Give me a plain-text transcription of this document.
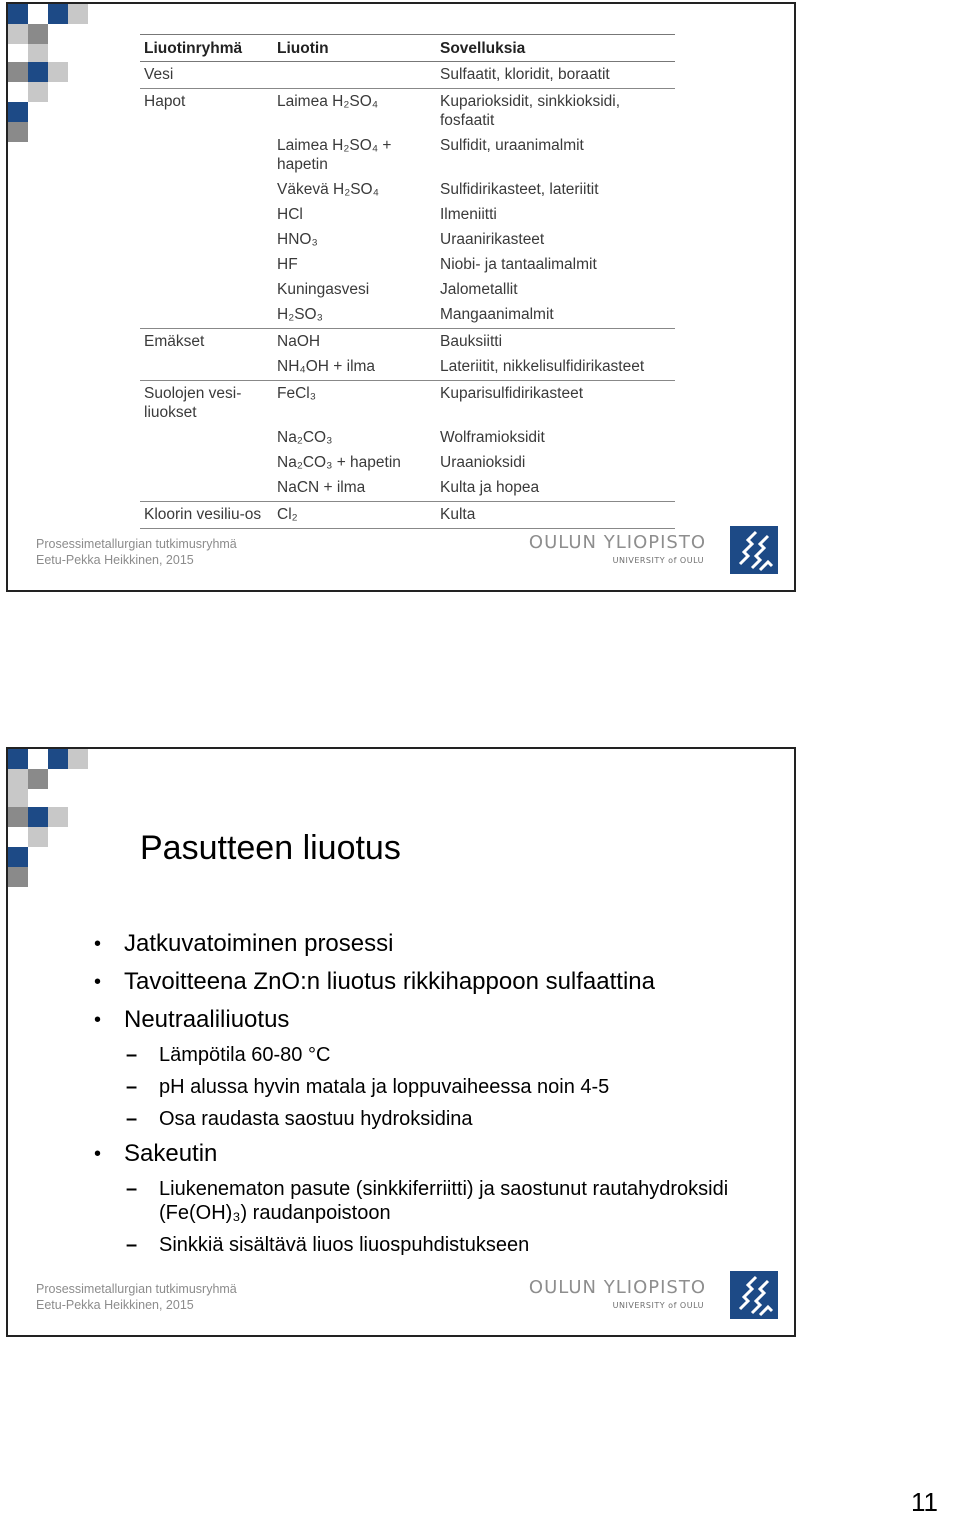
Liuotinryhmä	Liuotin	Sovelluksia
Vesi		Sulfaatit, kloridit, boraatit
Hapot	Laimea H₂SO₄	Kuparioksidit, sinkkioksidi, fosfaatit
	Laimea H₂SO₄ + hapetin	Sulfidit, uraanimalmit
	Väkevä H₂SO₄	Sulfidirikasteet, lateriitit
	HCl	Ilmeniitti
	HNO₃	Uraanirikasteet
	HF	Niobi- ja tantaalimalmit
	Kuningasvesi	Jalometallit
	H₂SO₃	Mangaanimalmit
Emäkset	NaOH	Bauksiitti
	NH₄OH + ilma	Lateriitit, nikkelisulfidirikasteet
Suolojen vesi-liuokset	FeCl₃	Kuparisulfidirikasteet
	Na₂CO₃	Wolframioksidit
	Na₂CO₃ + hapetin	Uraanioksidi
	NaCN + ilma	Kulta ja hopea
Kloorin vesiliu-os	Cl₂	Kulta
Prosessimetallurgian tutkimusryhmä
Eetu-Pekka Heikkinen, 2015
OULUN YLIOPISTO
UNIVERSITY of OULU
Pasutteen liuotus
• Jatkuvatoiminen prosessi
• Tavoitteena ZnO:n liuotus rikkihappoon sulfaattina
• Neutraaliliuotus
– Lämpötila 60-80 °C
– pH alussa hyvin matala ja loppuvaiheessa noin 4-5
– Osa raudasta saostuu hydroksidina
• Sakeutin
– Liukenematon pasute (sinkkiferriitti) ja saostunut rautahydroksidi (Fe(OH)₃) raudanpoistoon
– Sinkkiä sisältävä liuos liuospuhdistukseen
Prosessimetallurgian tutkimusryhmä
Eetu-Pekka Heikkinen, 2015
OULUN YLIOPISTO
UNIVERSITY of OULU
11
